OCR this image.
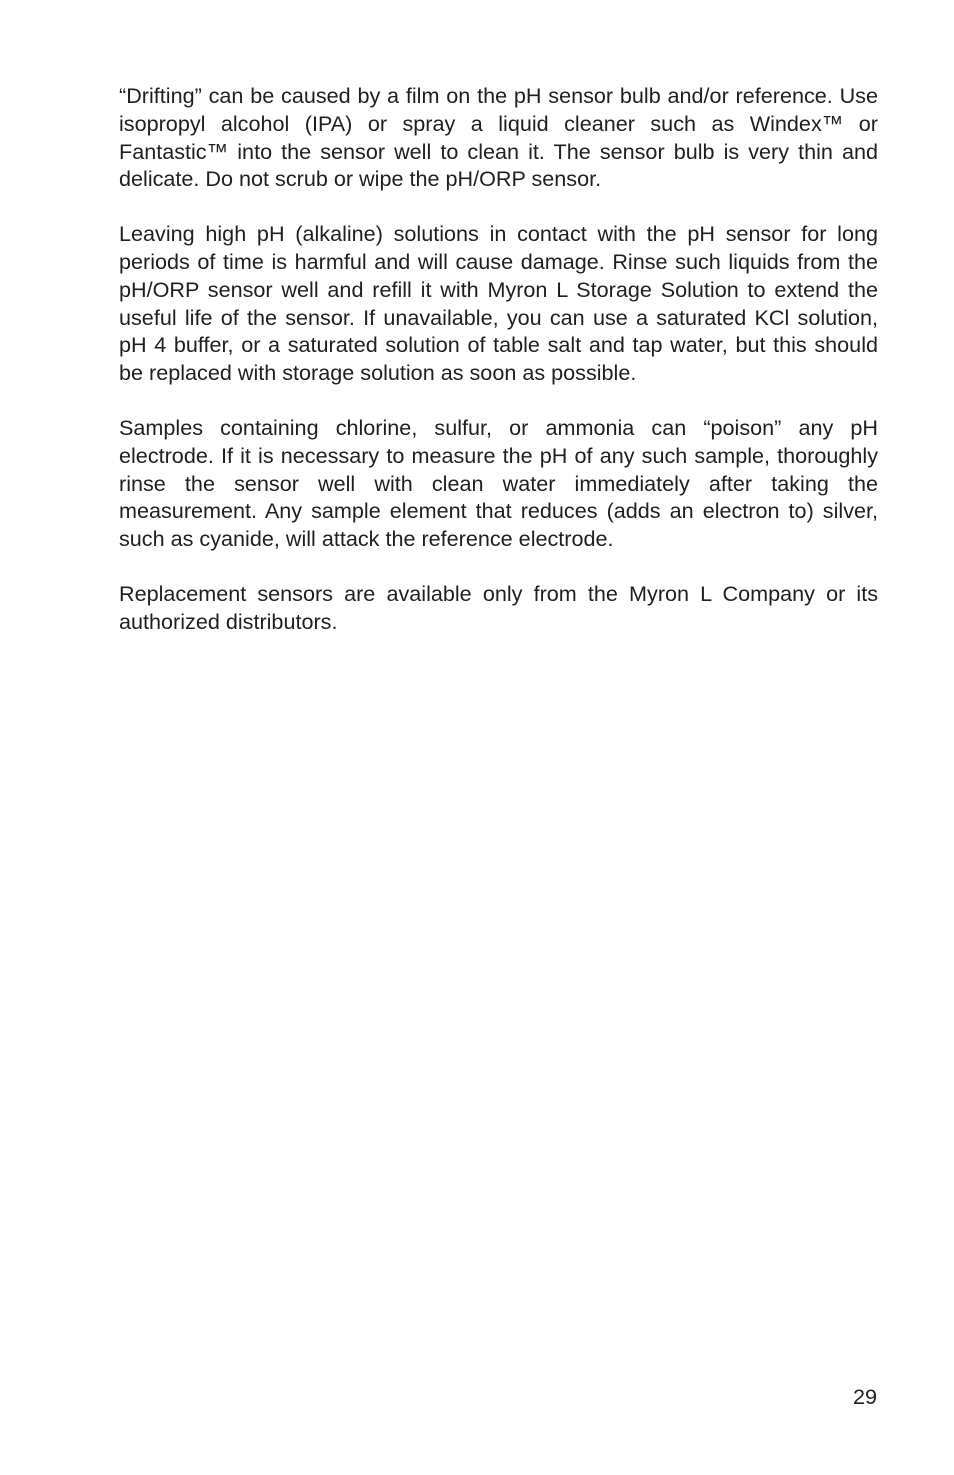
“Drifting” can be caused by a film on the pH sensor bulb and/or reference. Use isopropyl alcohol (IPA) or spray a liquid cleaner such as Windex™ or Fantastic™ into the sensor well to clean it. The sensor bulb is very thin and delicate. Do not scrub or wipe the pH/ORP sensor.

Leaving high pH (alkaline) solutions in contact with the pH sensor for long periods of time is harmful and will cause damage. Rinse such liquids from the pH/ORP sensor well and refill it with Myron L Storage Solution to extend the useful life of the sensor. If unavailable, you can use a saturated KCl solution, pH 4 buffer, or a saturated solution of table salt and tap water, but this should be replaced with storage solution as soon as possible.

Samples containing chlorine, sulfur, or ammonia can “poison” any pH electrode. If it is necessary to measure the pH of any such sample, thoroughly rinse the sensor well with clean water immediately after taking the measurement. Any sample element that reduces (adds an electron to) silver, such as cyanide, will attack the reference electrode.

Replacement sensors are available only from the Myron L Company or its authorized distributors.

29
